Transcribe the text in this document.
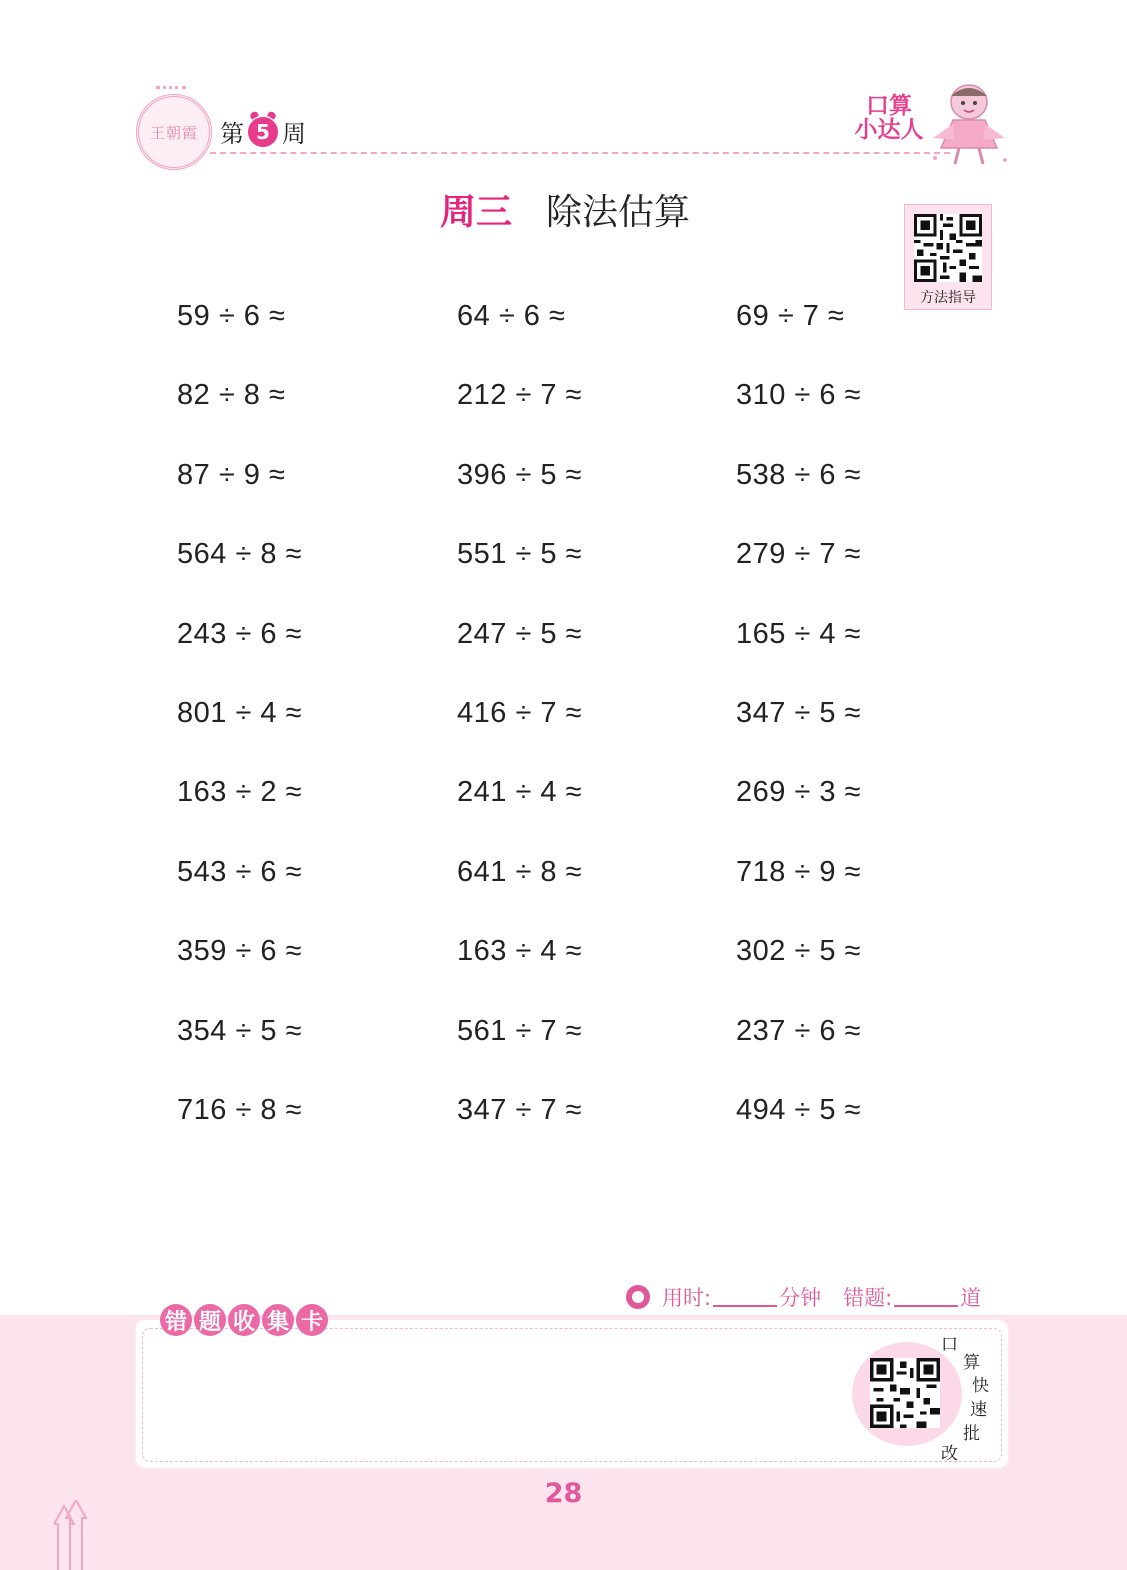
王朝霞 第 5 周
口算
小达人
周三 除法估算
方法指导
59 ÷ 6 ≈	64 ÷ 6 ≈	69 ÷ 7 ≈
82 ÷ 8 ≈	212 ÷ 7 ≈	310 ÷ 6 ≈
87 ÷ 9 ≈	396 ÷ 5 ≈	538 ÷ 6 ≈
564 ÷ 8 ≈	551 ÷ 5 ≈	279 ÷ 7 ≈
243 ÷ 6 ≈	247 ÷ 5 ≈	165 ÷ 4 ≈
801 ÷ 4 ≈	416 ÷ 7 ≈	347 ÷ 5 ≈
163 ÷ 2 ≈	241 ÷ 4 ≈	269 ÷ 3 ≈
543 ÷ 6 ≈	641 ÷ 8 ≈	718 ÷ 9 ≈
359 ÷ 6 ≈	163 ÷ 4 ≈	302 ÷ 5 ≈
354 ÷ 5 ≈	561 ÷ 7 ≈	237 ÷ 6 ≈
716 ÷ 8 ≈	347 ÷ 7 ≈	494 ÷ 5 ≈
用时:	分钟 错题:	道
错 题 收 集 卡
口
算
快
速
批
改
28
